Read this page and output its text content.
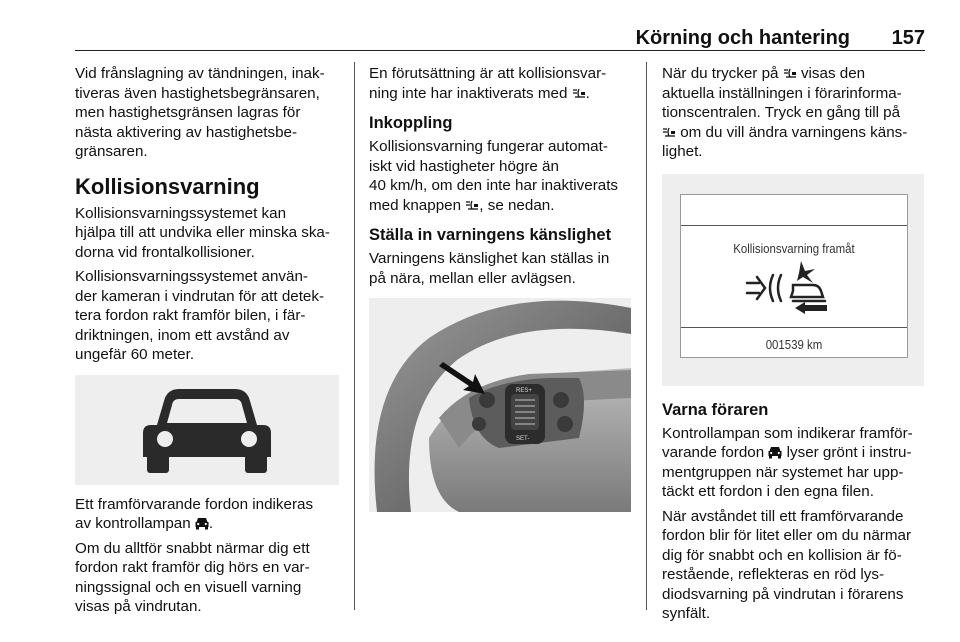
Körning och hantering 157

Vid frånslagning av tändningen, inak-
tiveras även hastighetsbegränsaren,
men hastighetsgränsen lagras för
nästa aktivering av hastighetsbe-
gränsaren.

Kollisionsvarning

Kollisionsvarningssystemet kan
hjälpa till att undvika eller minska ska-
dorna vid frontalkollisioner.

Kollisionsvarningssystemet använ-
der kameran i vindrutan för att detek-
tera fordon rakt framför bilen, i fär-
driktningen, inom ett avstånd av
ungefär 60 meter.

Ett framförvarande fordon indikeras
av kontrollampan .

Om du alltför snabbt närmar dig ett
fordon rakt framför dig hörs en var-
ningssignal och en visuell varning
visas på vindrutan.

En förutsättning är att kollisionsvar-
ning inte har inaktiverats med .

Inkoppling

Kollisionsvarning fungerar automat-
iskt vid hastigheter högre än
40 km/h, om den inte har inaktiverats
med knappen , se nedan.

Ställa in varningens känslighet

Varningens känslighet kan ställas in
på nära, mellan eller avlägsen.

RES+
SET-

När du trycker på visas den
aktuella inställningen i förarinforma-
tionscentralen. Tryck en gång till på
om du vill ändra varningens käns-
lighet.

Kollisionsvarning framåt
001539 km
Varna föraren

Kontrollampan som indikerar framför-
varande fordon lyser grönt i instru-
mentgruppen när systemet har upp-
täckt ett fordon i den egna filen.

När avståndet till ett framförvarande
fordon blir för litet eller om du närmar
dig för snabbt och en kollision är fö-
restående, reflekteras en röd lys-
diodsvarning på vindrutan i förarens
synfält.
